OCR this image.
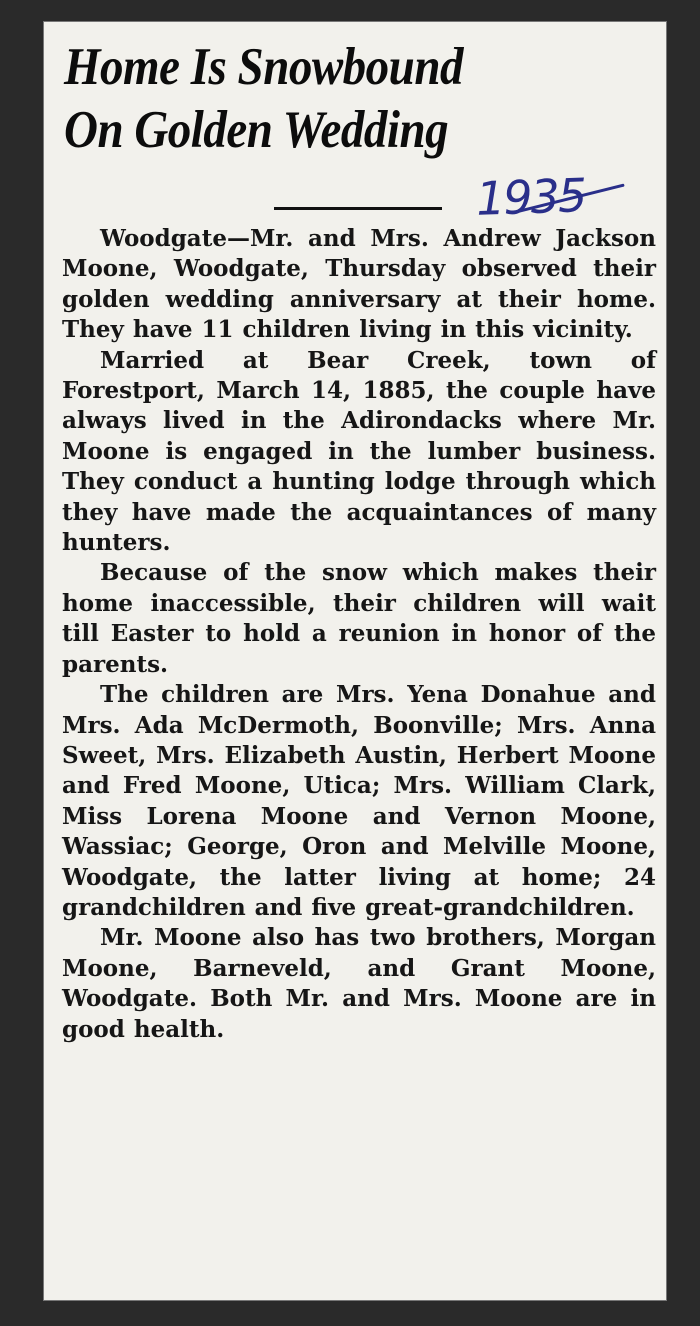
Home Is Snowbound
On Golden Wedding
1935

Woodgate—Mr. and Mrs. Andrew Jackson Moone, Woodgate, Thursday observed their golden wedding anniversary at their home. They have 11 children living in this vicinity.

Married at Bear Creek, town of Forestport, March 14, 1885, the couple have always lived in the Adirondacks where Mr. Moone is engaged in the lumber business. They conduct a hunting lodge through which they have made the acquaintances of many hunters.

Because of the snow which makes their home inaccessible, their children will wait till Easter to hold a reunion in honor of the parents.

The children are Mrs. Yena Donahue and Mrs. Ada McDermoth, Boonville; Mrs. Anna Sweet, Mrs. Elizabeth Austin, Herbert Moone and Fred Moone, Utica; Mrs. William Clark, Miss Lorena Moone and Vernon Moone, Wassiac; George, Oron and Melville Moone, Woodgate, the latter living at home; 24 grandchildren and five great-grandchildren.

Mr. Moone also has two brothers, Morgan Moone, Barneveld, and Grant Moone, Woodgate. Both Mr. and Mrs. Moone are in good health.
